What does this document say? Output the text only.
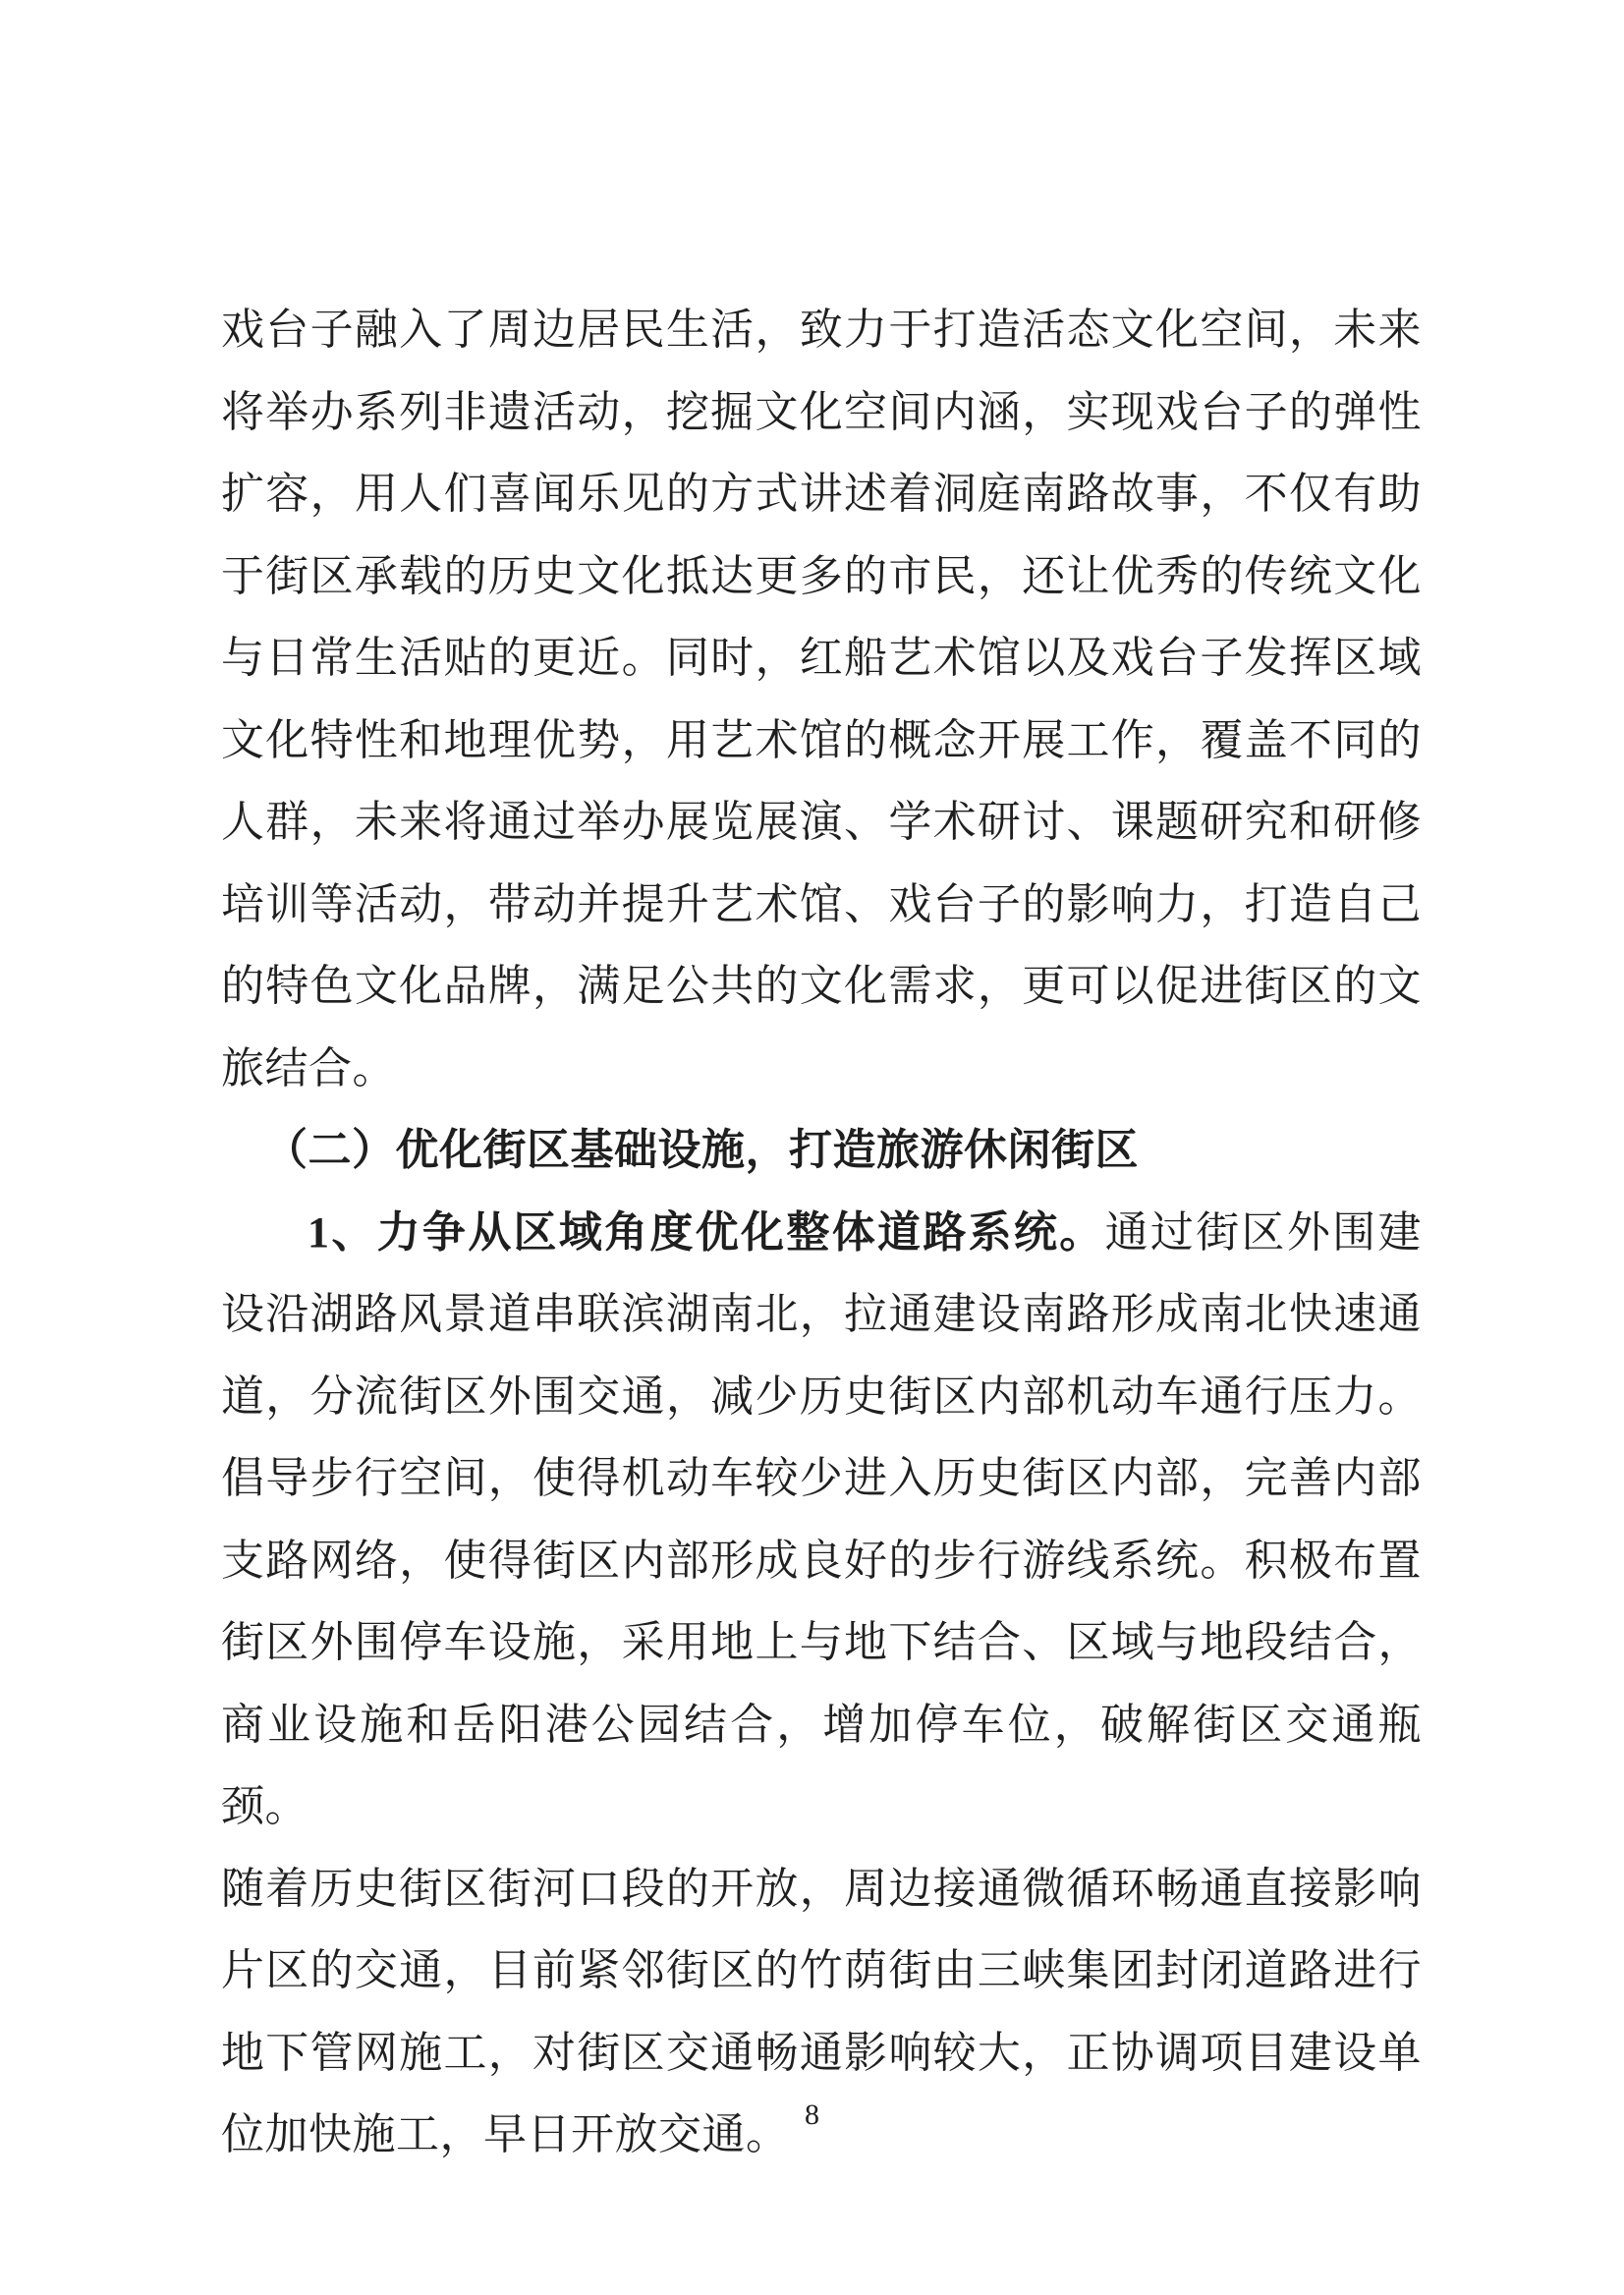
戏台子融入了周边居民生活，致力于打造活态文化空间，未来将举办系列非遗活动，挖掘文化空间内涵，实现戏台子的弹性扩容，用人们喜闻乐见的方式讲述着洞庭南路故事，不仅有助于街区承载的历史文化抵达更多的市民，还让优秀的传统文化与日常生活贴的更近。同时，红船艺术馆以及戏台子发挥区域文化特性和地理优势，用艺术馆的概念开展工作，覆盖不同的人群，未来将通过举办展览展演、学术研讨、课题研究和研修培训等活动，带动并提升艺术馆、戏台子的影响力，打造自己的特色文化品牌，满足公共的文化需求，更可以促进街区的文旅结合。

（二）优化街区基础设施，打造旅游休闲街区

1、力争从区域角度优化整体道路系统。通过街区外围建设沿湖路风景道串联滨湖南北，拉通建设南路形成南北快速通道，分流街区外围交通，减少历史街区内部机动车通行压力。倡导步行空间，使得机动车较少进入历史街区内部，完善内部支路网络，使得街区内部形成良好的步行游线系统。积极布置街区外围停车设施，采用地上与地下结合、区域与地段结合，商业设施和岳阳港公园结合，增加停车位，破解街区交通瓶颈。

随着历史街区街河口段的开放，周边接通微循环畅通直接影响片区的交通，目前紧邻街区的竹荫街由三峡集团封闭道路进行地下管网施工，对街区交通畅通影响较大，正协调项目建设单位加快施工，早日开放交通。 8
